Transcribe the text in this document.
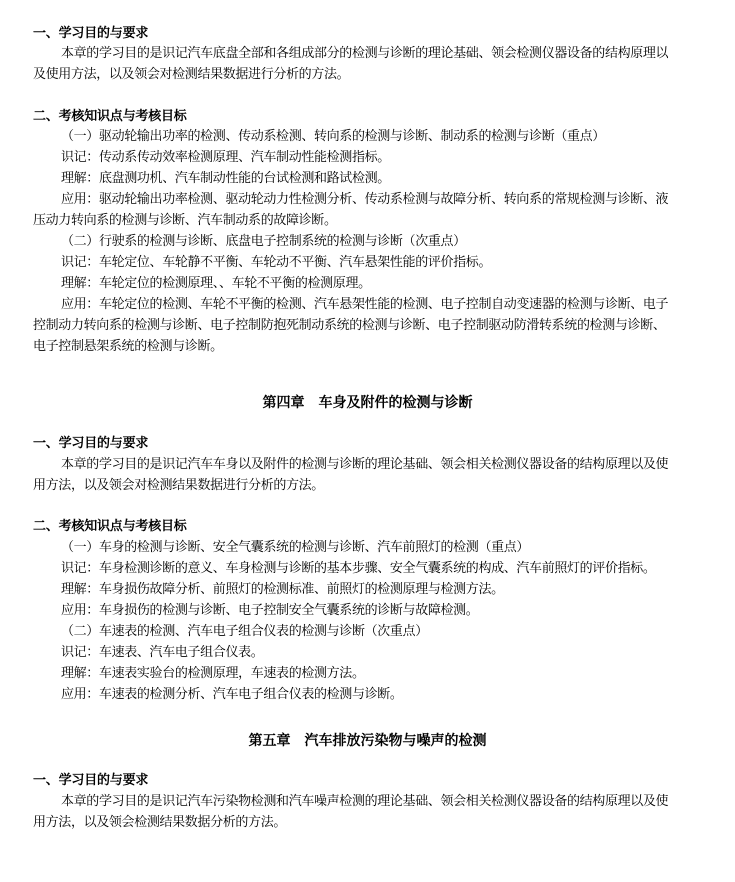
一、学习目的与要求
本章的学习目的是识记汽车底盘全部和各组成部分的检测与诊断的理论基础、领会检测仪器设备的结构原理以
及使用方法，以及领会对检测结果数据进行分析的方法。
二、考核知识点与考核目标
（一）驱动轮输出功率的检测、传动系检测、转向系的检测与诊断、制动系的检测与诊断（重点）
识记：传动系传动效率检测原理、汽车制动性能检测指标。
理解：底盘测功机、汽车制动性能的台试检测和路试检测。
应用：驱动轮输出功率检测、驱动轮动力性检测分析、传动系检测与故障分析、转向系的常规检测与诊断、液
压动力转向系的检测与诊断、汽车制动系的故障诊断。
（二）行驶系的检测与诊断、底盘电子控制系统的检测与诊断（次重点）
识记：车轮定位、车轮静不平衡、车轮动不平衡、汽车悬架性能的评价指标。
理解：车轮定位的检测原理、、车轮不平衡的检测原理。
应用：车轮定位的检测、车轮不平衡的检测、汽车悬架性能的检测、电子控制自动变速器的检测与诊断、电子
控制动力转向系的检测与诊断、电子控制防抱死制动系统的检测与诊断、电子控制驱动防滑转系统的检测与诊断、
电子控制悬架系统的检测与诊断。
第四章　车身及附件的检测与诊断
一、学习目的与要求
本章的学习目的是识记汽车车身以及附件的检测与诊断的理论基础、领会相关检测仪器设备的结构原理以及使
用方法，以及领会对检测结果数据进行分析的方法。
二、考核知识点与考核目标
（一）车身的检测与诊断、安全气囊系统的检测与诊断、汽车前照灯的检测（重点）
识记：车身检测诊断的意义、车身检测与诊断的基本步骤、安全气囊系统的构成、汽车前照灯的评价指标。
理解：车身损伤故障分析、前照灯的检测标准、前照灯的检测原理与检测方法。
应用：车身损伤的检测与诊断、电子控制安全气囊系统的诊断与故障检测。
（二）车速表的检测、汽车电子组合仪表的检测与诊断（次重点）
识记：车速表、汽车电子组合仪表。
理解：车速表实验台的检测原理，车速表的检测方法。
应用：车速表的检测分析、汽车电子组合仪表的检测与诊断。
第五章　汽车排放污染物与噪声的检测
一、学习目的与要求
本章的学习目的是识记汽车污染物检测和汽车噪声检测的理论基础、领会相关检测仪器设备的结构原理以及使
用方法，以及领会检测结果数据分析的方法。
